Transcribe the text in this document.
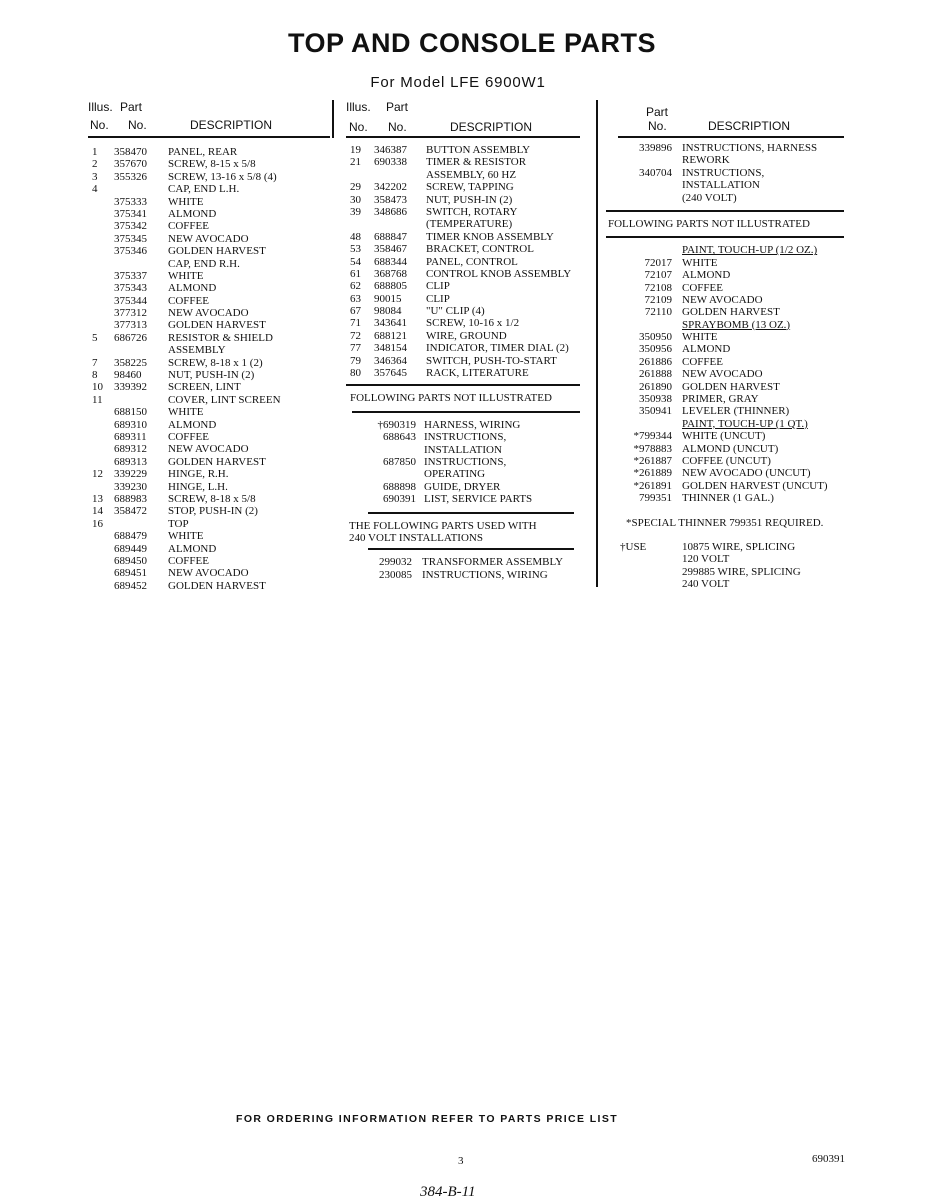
TOP AND CONSOLE PARTS
For Model LFE 6900W1
Illus. Part
No. No.	DESCRIPTION
1 358470 PANEL, REAR
2 357670 SCREW, 8-15 x 5/8
3 355326 SCREW, 13-16 x 5/8 (4)
4	CAP, END L.H.
375333 WHITE
375341 ALMOND
375342 COFFEE
375345 NEW AVOCADO
375346 GOLDEN HARVEST
CAP, END R.H.
375337 WHITE
375343 ALMOND
375344 COFFEE
377312 NEW AVOCADO
377313 GOLDEN HARVEST
5 686726 RESISTOR & SHIELD
ASSEMBLY
7 358225 SCREW, 8-18 x 1 (2)
8 98460 NUT, PUSH-IN (2)
10 339392 SCREEN, LINT
11	COVER, LINT SCREEN
688150 WHITE
689310 ALMOND
689311 COFFEE
689312 NEW AVOCADO
689313 GOLDEN HARVEST
12 339229 HINGE, R.H.
339230 HINGE, L.H.
13 688983 SCREW, 8-18 x 5/8
14 358472 STOP, PUSH-IN (2)
16	TOP
688479 WHITE
689449 ALMOND
689450 COFFEE
689451 NEW AVOCADO
689452 GOLDEN HARVEST
Illus. Part
No. No.	DESCRIPTION
19 346387 BUTTON ASSEMBLY
21 690338 TIMER & RESISTOR
ASSEMBLY, 60 HZ
29 342202 SCREW, TAPPING
30 358473 NUT, PUSH-IN (2)
39 348686 SWITCH, ROTARY
(TEMPERATURE)
48 688847 TIMER KNOB ASSEMBLY
53 358467 BRACKET, CONTROL
54 688344 PANEL, CONTROL
61 368768 CONTROL KNOB ASSEMBLY
62 688805 CLIP
63 90015 CLIP
67 98084 "U" CLIP (4)
71 343641 SCREW, 10-16 x 1/2
72 688121 WIRE, GROUND
77 348154 INDICATOR, TIMER DIAL (2)
79 346364 SWITCH, PUSH-TO-START
80 357645 RACK, LITERATURE
FOLLOWING PARTS NOT ILLUSTRATED
†690319 HARNESS, WIRING
688643 INSTRUCTIONS,
INSTALLATION
687850 INSTRUCTIONS,
OPERATING
688898 GUIDE, DRYER
690391 LIST, SERVICE PARTS
THE FOLLOWING PARTS USED WITH
240 VOLT INSTALLATIONS
299032 TRANSFORMER ASSEMBLY
230085 INSTRUCTIONS, WIRING
Part
No.	DESCRIPTION
339896 INSTRUCTIONS, HARNESS
REWORK
340704 INSTRUCTIONS,
INSTALLATION
(240 VOLT)
FOLLOWING PARTS NOT ILLUSTRATED
PAINT, TOUCH-UP (1/2 OZ.)
72017 WHITE
72107 ALMOND
72108 COFFEE
72109 NEW AVOCADO
72110 GOLDEN HARVEST
SPRAYBOMB (13 OZ.)
350950 WHITE
350956 ALMOND
261886 COFFEE
261888 NEW AVOCADO
261890 GOLDEN HARVEST
350938 PRIMER, GRAY
350941 LEVELER (THINNER)
PAINT, TOUCH-UP (1 QT.)
*799344 WHITE (UNCUT)
*978883 ALMOND (UNCUT)
*261887 COFFEE (UNCUT)
*261889 NEW AVOCADO (UNCUT)
*261891 GOLDEN HARVEST (UNCUT)
799351 THINNER (1 GAL.)
*SPECIAL THINNER 799351 REQUIRED.
†USE	10875 WIRE, SPLICING
120 VOLT
299885 WIRE, SPLICING
240 VOLT
FOR ORDERING INFORMATION REFER TO PARTS PRICE LIST
3	690391
384-B-11
